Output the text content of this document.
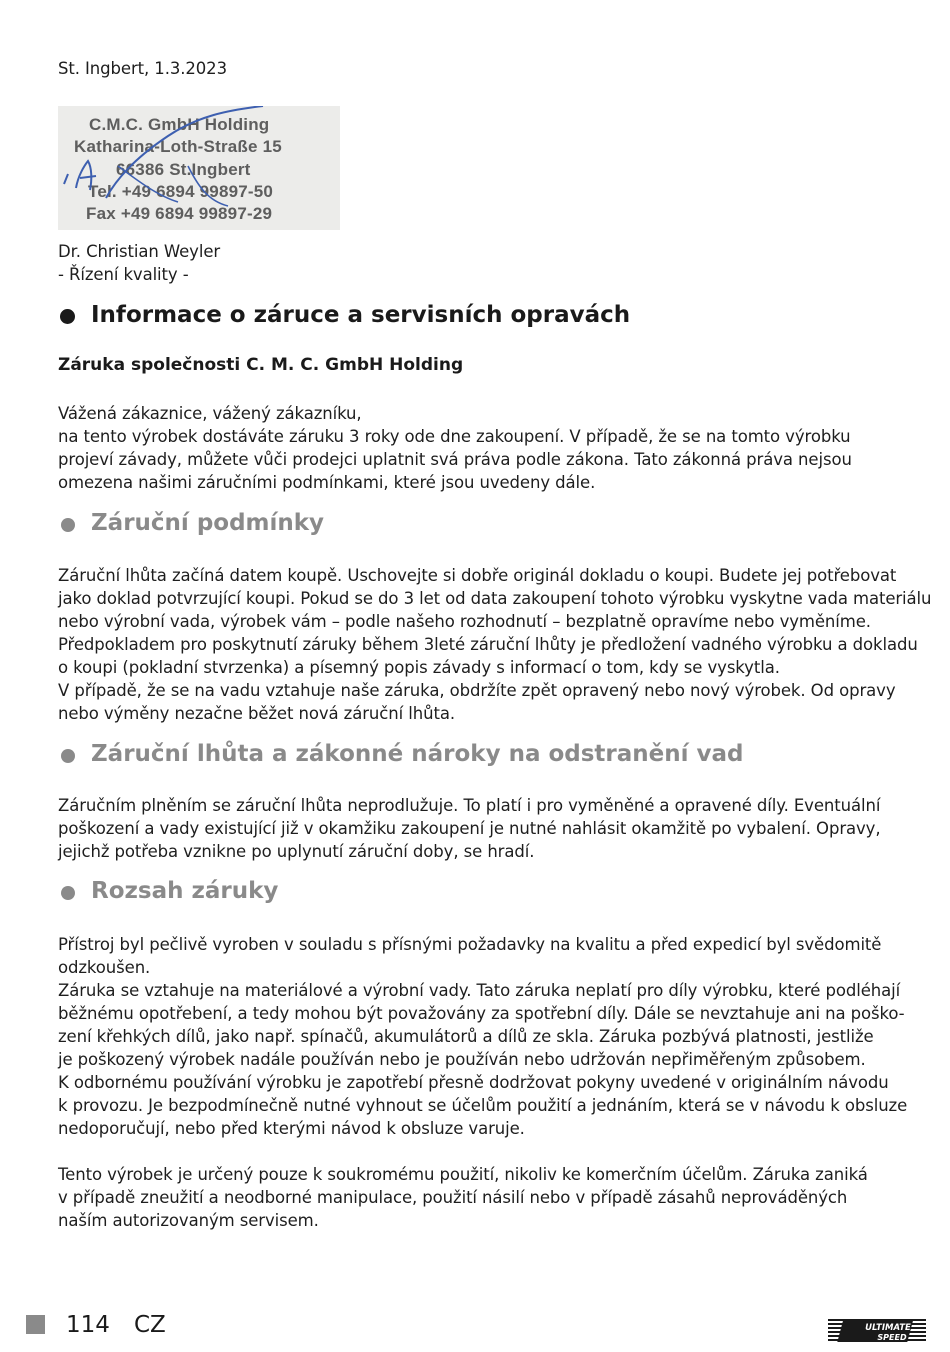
St. Ingbert, 1.3.2023
C.M.C. GmbH Holding
Katharina-Loth-Straße 15
66386 St.Ingbert
Tel. +49 6894 99897-50
Fax +49 6894 99897-29
Dr. Christian Weyler
- Řízení kvality -
Informace o záruce a servisních opravách
Záruka společnosti C. M. C. GmbH Holding
Vážená zákaznice, vážený zákazníku,
na tento výrobek dostáváte záruku 3 roky ode dne zakoupení. V případě, že se na tomto výrobku
projeví závady, můžete vůči prodejci uplatnit svá práva podle zákona. Tato zákonná práva nejsou
omezena našimi záručními podmínkami, které jsou uvedeny dále.
Záruční podmínky
Záruční lhůta začíná datem koupě. Uschovejte si dobře originál dokladu o koupi. Budete jej potřebovat
jako doklad potvrzující koupi. Pokud se do 3 let od data zakoupení tohoto výrobku vyskytne vada materiálu
nebo výrobní vada, výrobek vám – podle našeho rozhodnutí – bezplatně opravíme nebo vyměníme.
Předpokladem pro poskytnutí záruky během 3leté záruční lhůty je předložení vadného výrobku a dokladu
o koupi (pokladní stvrzenka) a písemný popis závady s informací o tom, kdy se vyskytla.
V případě, že se na vadu vztahuje naše záruka, obdržíte zpět opravený nebo nový výrobek. Od opravy
nebo výměny nezačne běžet nová záruční lhůta.
Záruční lhůta a zákonné nároky na odstranění vad
Záručním plněním se záruční lhůta neprodlužuje. To platí i pro vyměněné a opravené díly. Eventuální
poškození a vady existující již v okamžiku zakoupení je nutné nahlásit okamžitě po vybalení. Opravy,
jejichž potřeba vznikne po uplynutí záruční doby, se hradí.
Rozsah záruky
Přístroj byl pečlivě vyroben v souladu s přísnými požadavky na kvalitu a před expedicí byl svědomitě
odzkoušen.
Záruka se vztahuje na materiálové a výrobní vady. Tato záruka neplatí pro díly výrobku, které podléhají
běžnému opotřebení, a tedy mohou být považovány za spotřební díly. Dále se nevztahuje ani na poško-
zení křehkých dílů, jako např. spínačů, akumulátorů a dílů ze skla. Záruka pozbývá platnosti, jestliže
je poškozený výrobek nadále používán nebo je používán nebo udržován nepřiměřeným způsobem.
K odbornému používání výrobku je zapotřebí přesně dodržovat pokyny uvedené v originálním návodu
k provozu. Je bezpodmínečně nutné vyhnout se účelům použití a jednáním, která se v návodu k obsluze
nedoporučují, nebo před kterými návod k obsluze varuje.
Tento výrobek je určený pouze k soukromému použití, nikoliv ke komerčním účelům. Záruka zaniká
v případě zneužití a neodborné manipulace, použití násilí nebo v případě zásahů neprováděných
naším autorizovaným servisem.
114 CZ	ULTIMATE
SPEED
